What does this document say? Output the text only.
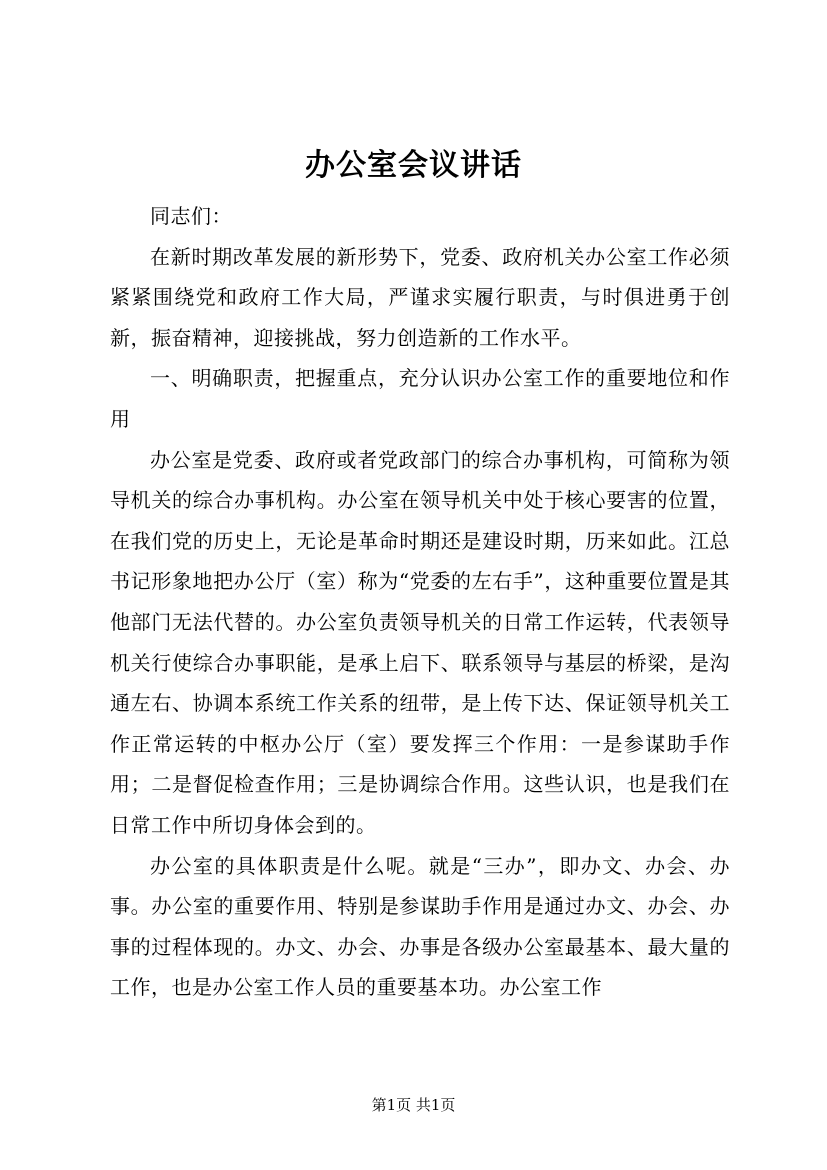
办公室会议讲话

同志们：

在新时期改革发展的新形势下，党委、政府机关办公室工作必须紧紧围绕党和政府工作大局，严谨求实履行职责，与时俱进勇于创新，振奋精神，迎接挑战，努力创造新的工作水平。

一、明确职责，把握重点，充分认识办公室工作的重要地位和作用

办公室是党委、政府或者党政部门的综合办事机构，可简称为领导机关的综合办事机构。办公室在领导机关中处于核心要害的位置，在我们党的历史上，无论是革命时期还是建设时期，历来如此。江总书记形象地把办公厅（室）称为“党委的左右手”，这种重要位置是其他部门无法代替的。办公室负责领导机关的日常工作运转，代表领导机关行使综合办事职能，是承上启下、联系领导与基层的桥梁，是沟通左右、协调本系统工作关系的纽带，是上传下达、保证领导机关工作正常运转的中枢办公厅（室）要发挥三个作用：一是参谋助手作用；二是督促检查作用；三是协调综合作用。这些认识，也是我们在日常工作中所切身体会到的。

办公室的具体职责是什么呢。就是“三办”，即办文、办会、办事。办公室的重要作用、特别是参谋助手作用是通过办文、办会、办事的过程体现的。办文、办会、办事是各级办公室最基本、最大量的工作，也是办公室工作人员的重要基本功。办公室工作

第1页 共1页
